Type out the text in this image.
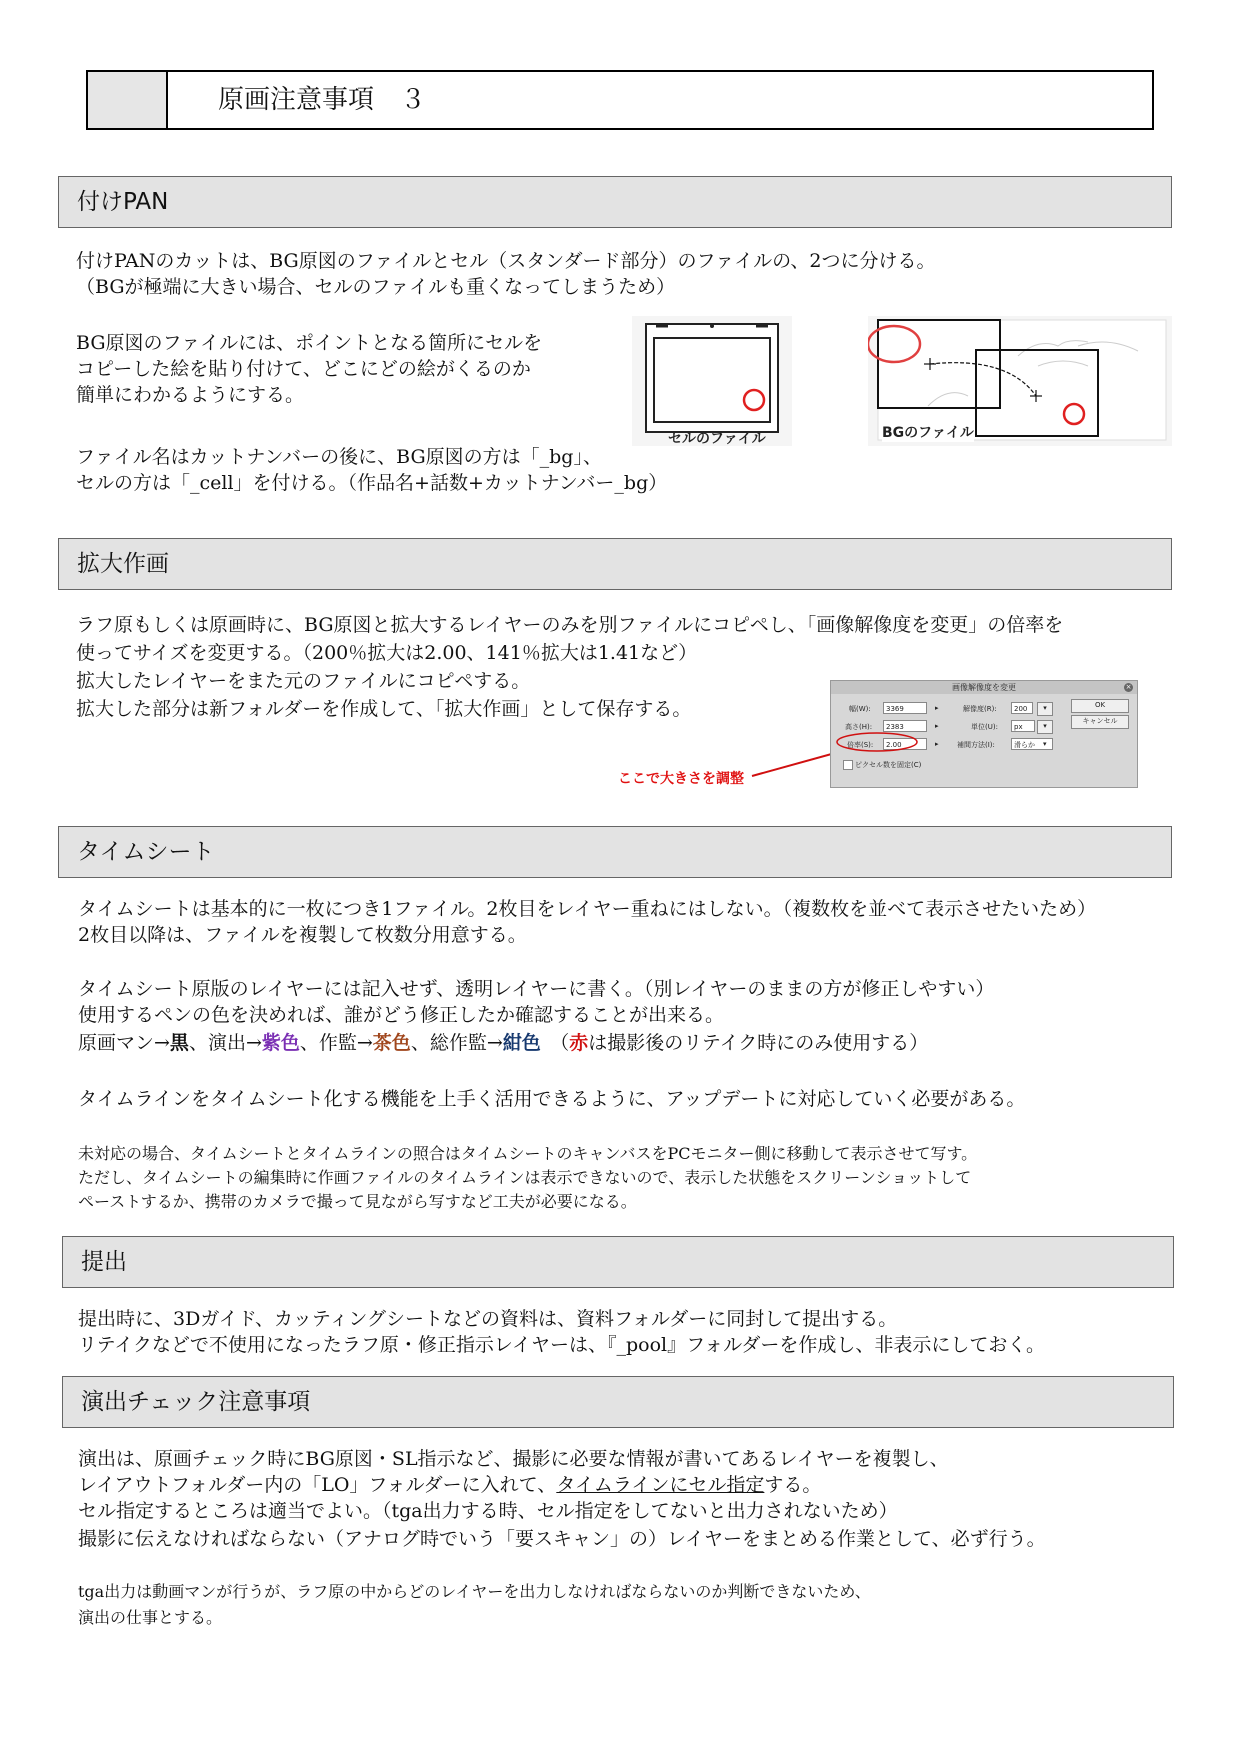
原画注意事項　３
付けPAN
付けPANのカットは、BG原図のファイルとセル（スタンダード部分）のファイルの、2つに分ける。
（BGが極端に大きい場合、セルのファイルも重くなってしまうため）
BG原図のファイルには、ポイントとなる箇所にセルを
コピーした絵を貼り付けて、どこにどの絵がくるのか
簡単にわかるようにする。
ファイル名はカットナンバーの後に、BG原図の方は「_bg」、
セルの方は「_cell」を付ける。（作品名+話数+カットナンバー_bg）
セルのファイル	BGのファイル
拡大作画
ラフ原もしくは原画時に、BG原図と拡大するレイヤーのみを別ファイルにコピペし、「画像解像度を変更」の倍率を
使ってサイズを変更する。（200％拡大は2.00、141％拡大は1.41など）
拡大したレイヤーをまた元のファイルにコピペする。
拡大した部分は新フォルダーを作成して、「拡大作画」として保存する。
ここで大きさを調整
画像解像度を変更	×
幅(W):	3369	▸
高さ(H):	2383	▸
倍率(S):	2.00	▸
解像度(R):	200	▾
単位(U):	px	▾
補間方法(I):	滑らか	▾
OK
キャンセル
ピクセル数を固定(C)
タイムシート
タイムシートは基本的に一枚につき1ファイル。2枚目をレイヤー重ねにはしない。（複数枚を並べて表示させたいため）
2枚目以降は、ファイルを複製して枚数分用意する。
タイムシート原版のレイヤーには記入せず、透明レイヤーに書く。（別レイヤーのままの方が修正しやすい）
使用するペンの色を決めれば、誰がどう修正したか確認することが出来る。
原画マン→黒、演出→紫色、作監→茶色、総作監→紺色　（赤は撮影後のリテイク時にのみ使用する）
タイムラインをタイムシート化する機能を上手く活用できるように、アップデートに対応していく必要がある。
未対応の場合、タイムシートとタイムラインの照合はタイムシートのキャンバスをPCモニター側に移動して表示させて写す。
ただし、タイムシートの編集時に作画ファイルのタイムラインは表示できないので、表示した状態をスクリーンショットして
ペーストするか、携帯のカメラで撮って見ながら写すなど工夫が必要になる。
提出
提出時に、3Dガイド、カッティングシートなどの資料は、資料フォルダーに同封して提出する。
リテイクなどで不使用になったラフ原・修正指示レイヤーは、『_pool』フォルダーを作成し、非表示にしておく。
演出チェック注意事項
演出は、原画チェック時にBG原図・SL指示など、撮影に必要な情報が書いてあるレイヤーを複製し、
レイアウトフォルダー内の「LO」フォルダーに入れて、タイムラインにセル指定する。
セル指定するところは適当でよい。（tga出力する時、セル指定をしてないと出力されないため）
撮影に伝えなければならない（アナログ時でいう「要スキャン」の）レイヤーをまとめる作業として、必ず行う。
tga出力は動画マンが行うが、ラフ原の中からどのレイヤーを出力しなければならないのか判断できないため、
演出の仕事とする。
